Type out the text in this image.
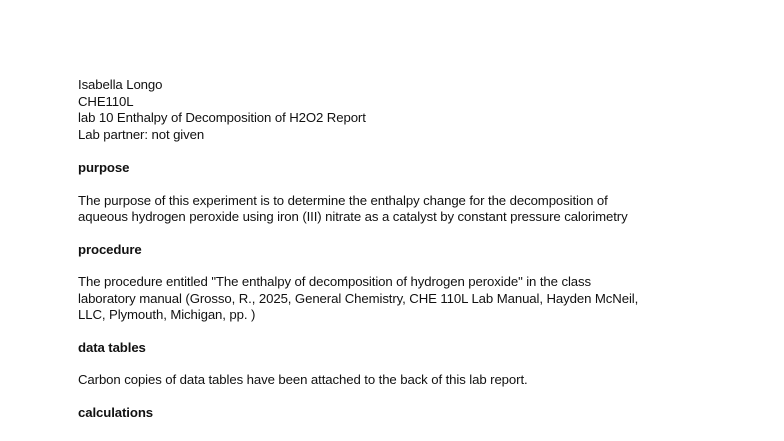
Isabella Longo

CHE110L

lab 10 Enthalpy of Decomposition of H2O2 Report

Lab partner: not given

purpose

The purpose of this experiment is to determine the enthalpy change for the decomposition of

aqueous hydrogen peroxide using iron (III) nitrate as a catalyst by constant pressure calorimetry

procedure

The procedure entitled "The enthalpy of decomposition of hydrogen peroxide" in the class

laboratory manual (Grosso, R., 2025, General Chemistry, CHE 110L Lab Manual, Hayden McNeil,

LLC, Plymouth, Michigan, pp. )

data tables

Carbon copies of data tables have been attached to the back of this lab report.

calculations
